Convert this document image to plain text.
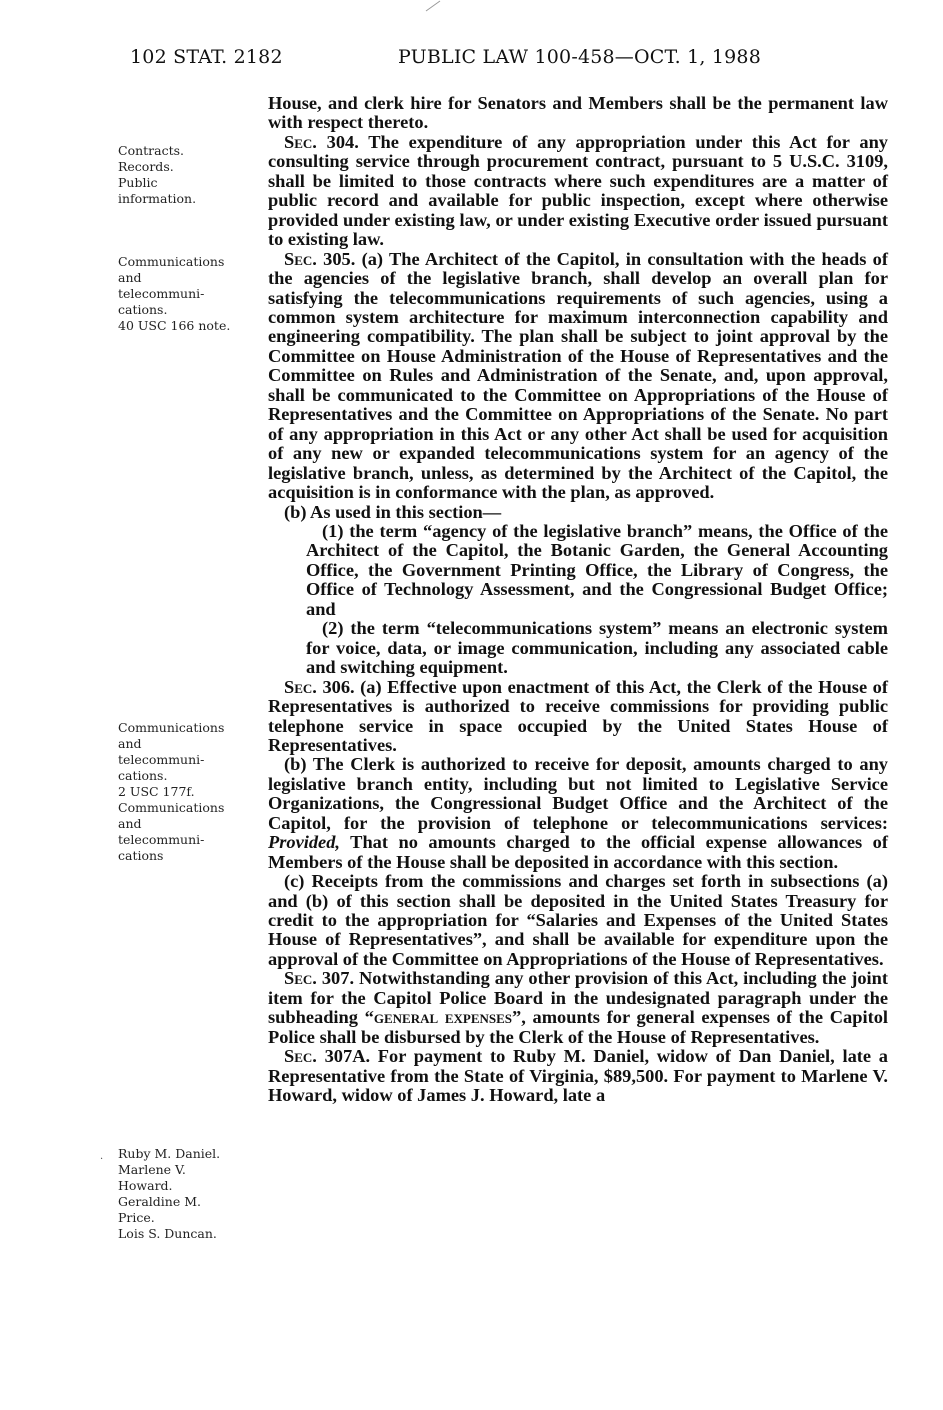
102 STAT. 2182	PUBLIC LAW 100-458—OCT. 1, 1988
Contracts.
Records.
Public
information.
Communications
and
telecommuni-
cations.
40 USC 166 note.
Communications
and
telecommuni-
cations.
2 USC 177f.
Communications
and
telecommuni-
cations
· Ruby M. Daniel.
Marlene V.
Howard.
Geraldine M.
Price.
Lois S. Duncan.

House, and clerk hire for Senators and Members shall be the permanent law with respect thereto.

Sec. 304. The expenditure of any appropriation under this Act for any consulting service through procurement contract, pursuant to 5 U.S.C. 3109, shall be limited to those contracts where such expenditures are a matter of public record and available for public inspection, except where otherwise provided under existing law, or under existing Executive order issued pursuant to existing law.

Sec. 305. (a) The Architect of the Capitol, in consultation with the heads of the agencies of the legislative branch, shall develop an overall plan for satisfying the telecommunications requirements of such agencies, using a common system architecture for maximum interconnection capability and engineering compatibility. The plan shall be subject to joint approval by the Committee on House Administration of the House of Representatives and the Committee on Rules and Administration of the Senate, and, upon approval, shall be communicated to the Committee on Appropriations of the House of Representatives and the Committee on Appropriations of the Senate. No part of any appropriation in this Act or any other Act shall be used for acquisition of any new or expanded telecommunications system for an agency of the legislative branch, unless, as determined by the Architect of the Capitol, the acquisition is in conformance with the plan, as approved.

(b) As used in this section—

(1) the term “agency of the legislative branch” means, the Office of the Architect of the Capitol, the Botanic Garden, the General Accounting Office, the Government Printing Office, the Library of Congress, the Office of Technology Assessment, and the Congressional Budget Office; and

(2) the term “telecommunications system” means an electronic system for voice, data, or image communication, including any associated cable and switching equipment.

Sec. 306. (a) Effective upon enactment of this Act, the Clerk of the House of Representatives is authorized to receive commissions for providing public telephone service in space occupied by the United States House of Representatives.

(b) The Clerk is authorized to receive for deposit, amounts charged to any legislative branch entity, including but not limited to Legislative Service Organizations, the Congressional Budget Office and the Architect of the Capitol, for the provision of telephone or telecommunications services: Provided, That no amounts charged to the official expense allowances of Members of the House shall be deposited in accordance with this section.

(c) Receipts from the commissions and charges set forth in subsections (a) and (b) of this section shall be deposited in the United States Treasury for credit to the appropriation for “Salaries and Expenses of the United States House of Representatives”, and shall be available for expenditure upon the approval of the Committee on Appropriations of the House of Representatives.

Sec. 307. Notwithstanding any other provision of this Act, including the joint item for the Capitol Police Board in the undesignated paragraph under the subheading “general expenses”, amounts for general expenses of the Capitol Police shall be disbursed by the Clerk of the House of Representatives.

Sec. 307A. For payment to Ruby M. Daniel, widow of Dan Daniel, late a Representative from the State of Virginia, $89,500. For payment to Marlene V. Howard, widow of James J. Howard, late a
